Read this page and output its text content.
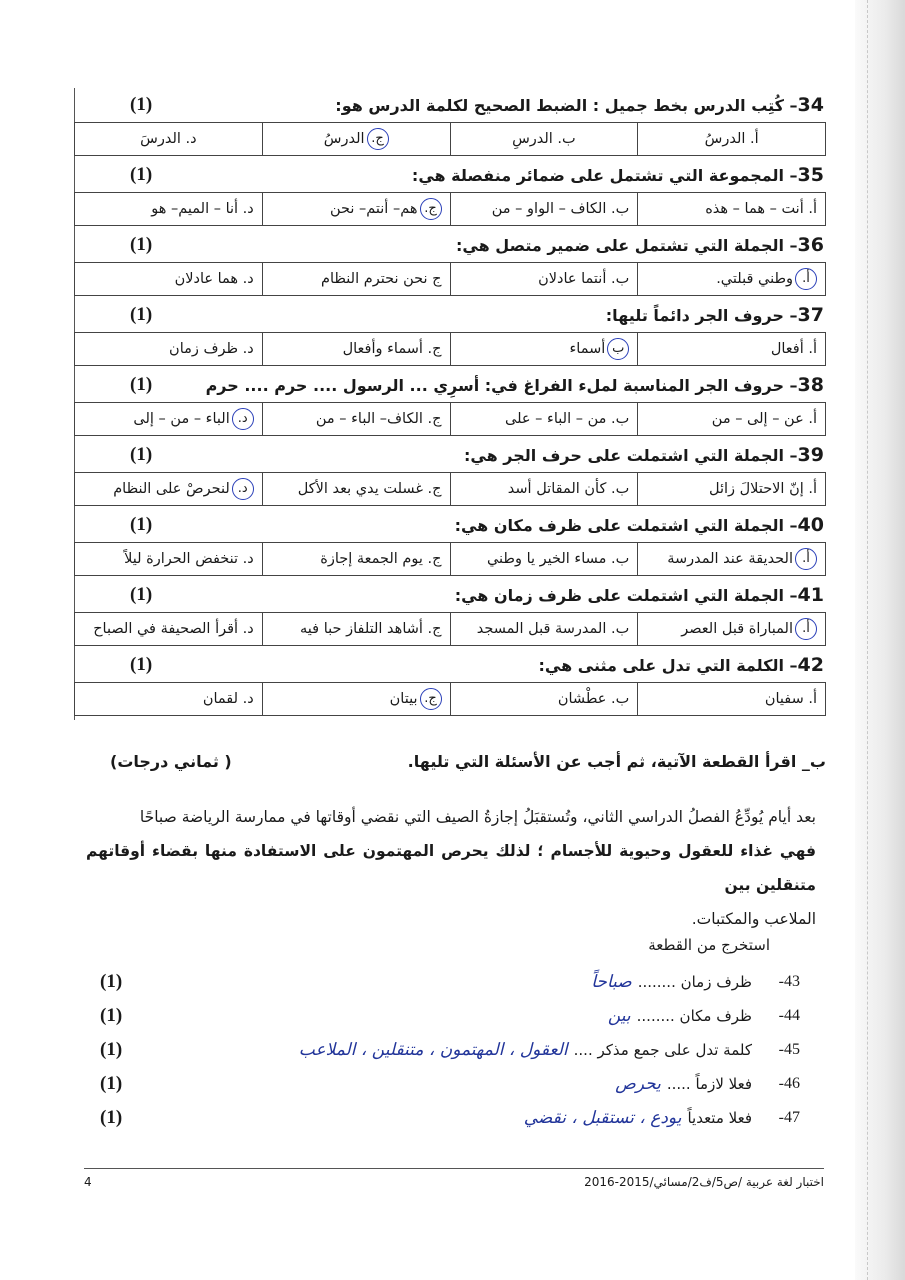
34– كُتِب الدرس بخط جميل : الضبط الصحيح لكلمة الدرس هو:
(1)
أ. الدرسُ
ب. الدرسِ
ج.
الدرسُ
د. الدرسَ
35– المجموعة التي تشتمل على ضمائر منفصلة هي:
(1)
أ. أنت – هما – هذه
ب. الكاف – الواو – من
ج.
هم– أنتم– نحن
د. أنا – الميم– هو
36– الجملة التي تشتمل على ضمير متصل هي:
(1)
أ.
وطني قبلتي.
ب. أنتما عادلان
ج نحن نحترم النظام
د. هما عادلان
37– حروف الجر دائماً تليها:
(1)
أ. أفعال
ب
أسماء
ج. أسماء وأفعال
د. ظرف زمان
38– حروف الجر المناسبة لملء الفراغ في: أسرِي ... الرسول .... حرم .... حرم
(1)
أ. عن – إلى – من
ب. من – الباء – على
ج. الكاف– الباء – من
د.
الباء – من – إلى
39– الجملة التي اشتملت على حرف الجر هي:
(1)
أ. إنّ الاحتلالَ زائل
ب. كأن المقاتل أسد
ج. غسلت يدي بعد الأكل
د.
لنحرصْ على النظام
40– الجملة التي اشتملت على ظرف مكان هي:
(1)
أ.
الحديقة عند المدرسة
ب. مساء الخير يا وطني
ج. يوم الجمعة إجازة
د. تنخفض الحرارة ليلاً
41– الجملة التي اشتملت على ظرف زمان هي:
(1)
أ.
المباراة قبل العصر
ب. المدرسة قبل المسجد
ج. أشاهد التلفاز حبا فيه
د. أقرأ الصحيفة في الصباح
42– الكلمة التي تدل على مثنى هي:
(1)
أ. سفيان
ب. عطْشان
ج.
بيتان
د. لقمان
ب_ اقرأ القطعة الآتية، ثم أجب عن الأسئلة التي تليها.
( ثماني درجات)
بعد أيام يُودِّعُ الفصلُ الدراسي الثاني، وتُستقبَلُ إجازةُ الصيف التي نقضي أوقاتها في ممارسة الرياضة صباحًا
فهي غذاء للعقول وحيوية للأجسام ؛ لذلك يحرص المهتمون على الاستفادة منها بقضاء أوقاتهم متنقلين بين
الملاعب والمكتبات.
استخرج من القطعة
43-
ظرف زمان ........
صباحاً
(1)
44-
ظرف مكان ........
بين
(1)
45-
كلمة تدل على جمع مذكر ....
العقول ، المهتمون ، متنقلين ، الملاعب
(1)
46-
فعلا لازماً .....
يحرص
(1)
47-
فعلا متعدياً
يودع ، تستقبل ، نقضي
(1)
4	اختبار لغة عربية /ص5/ف2/مسائي/2015-2016
